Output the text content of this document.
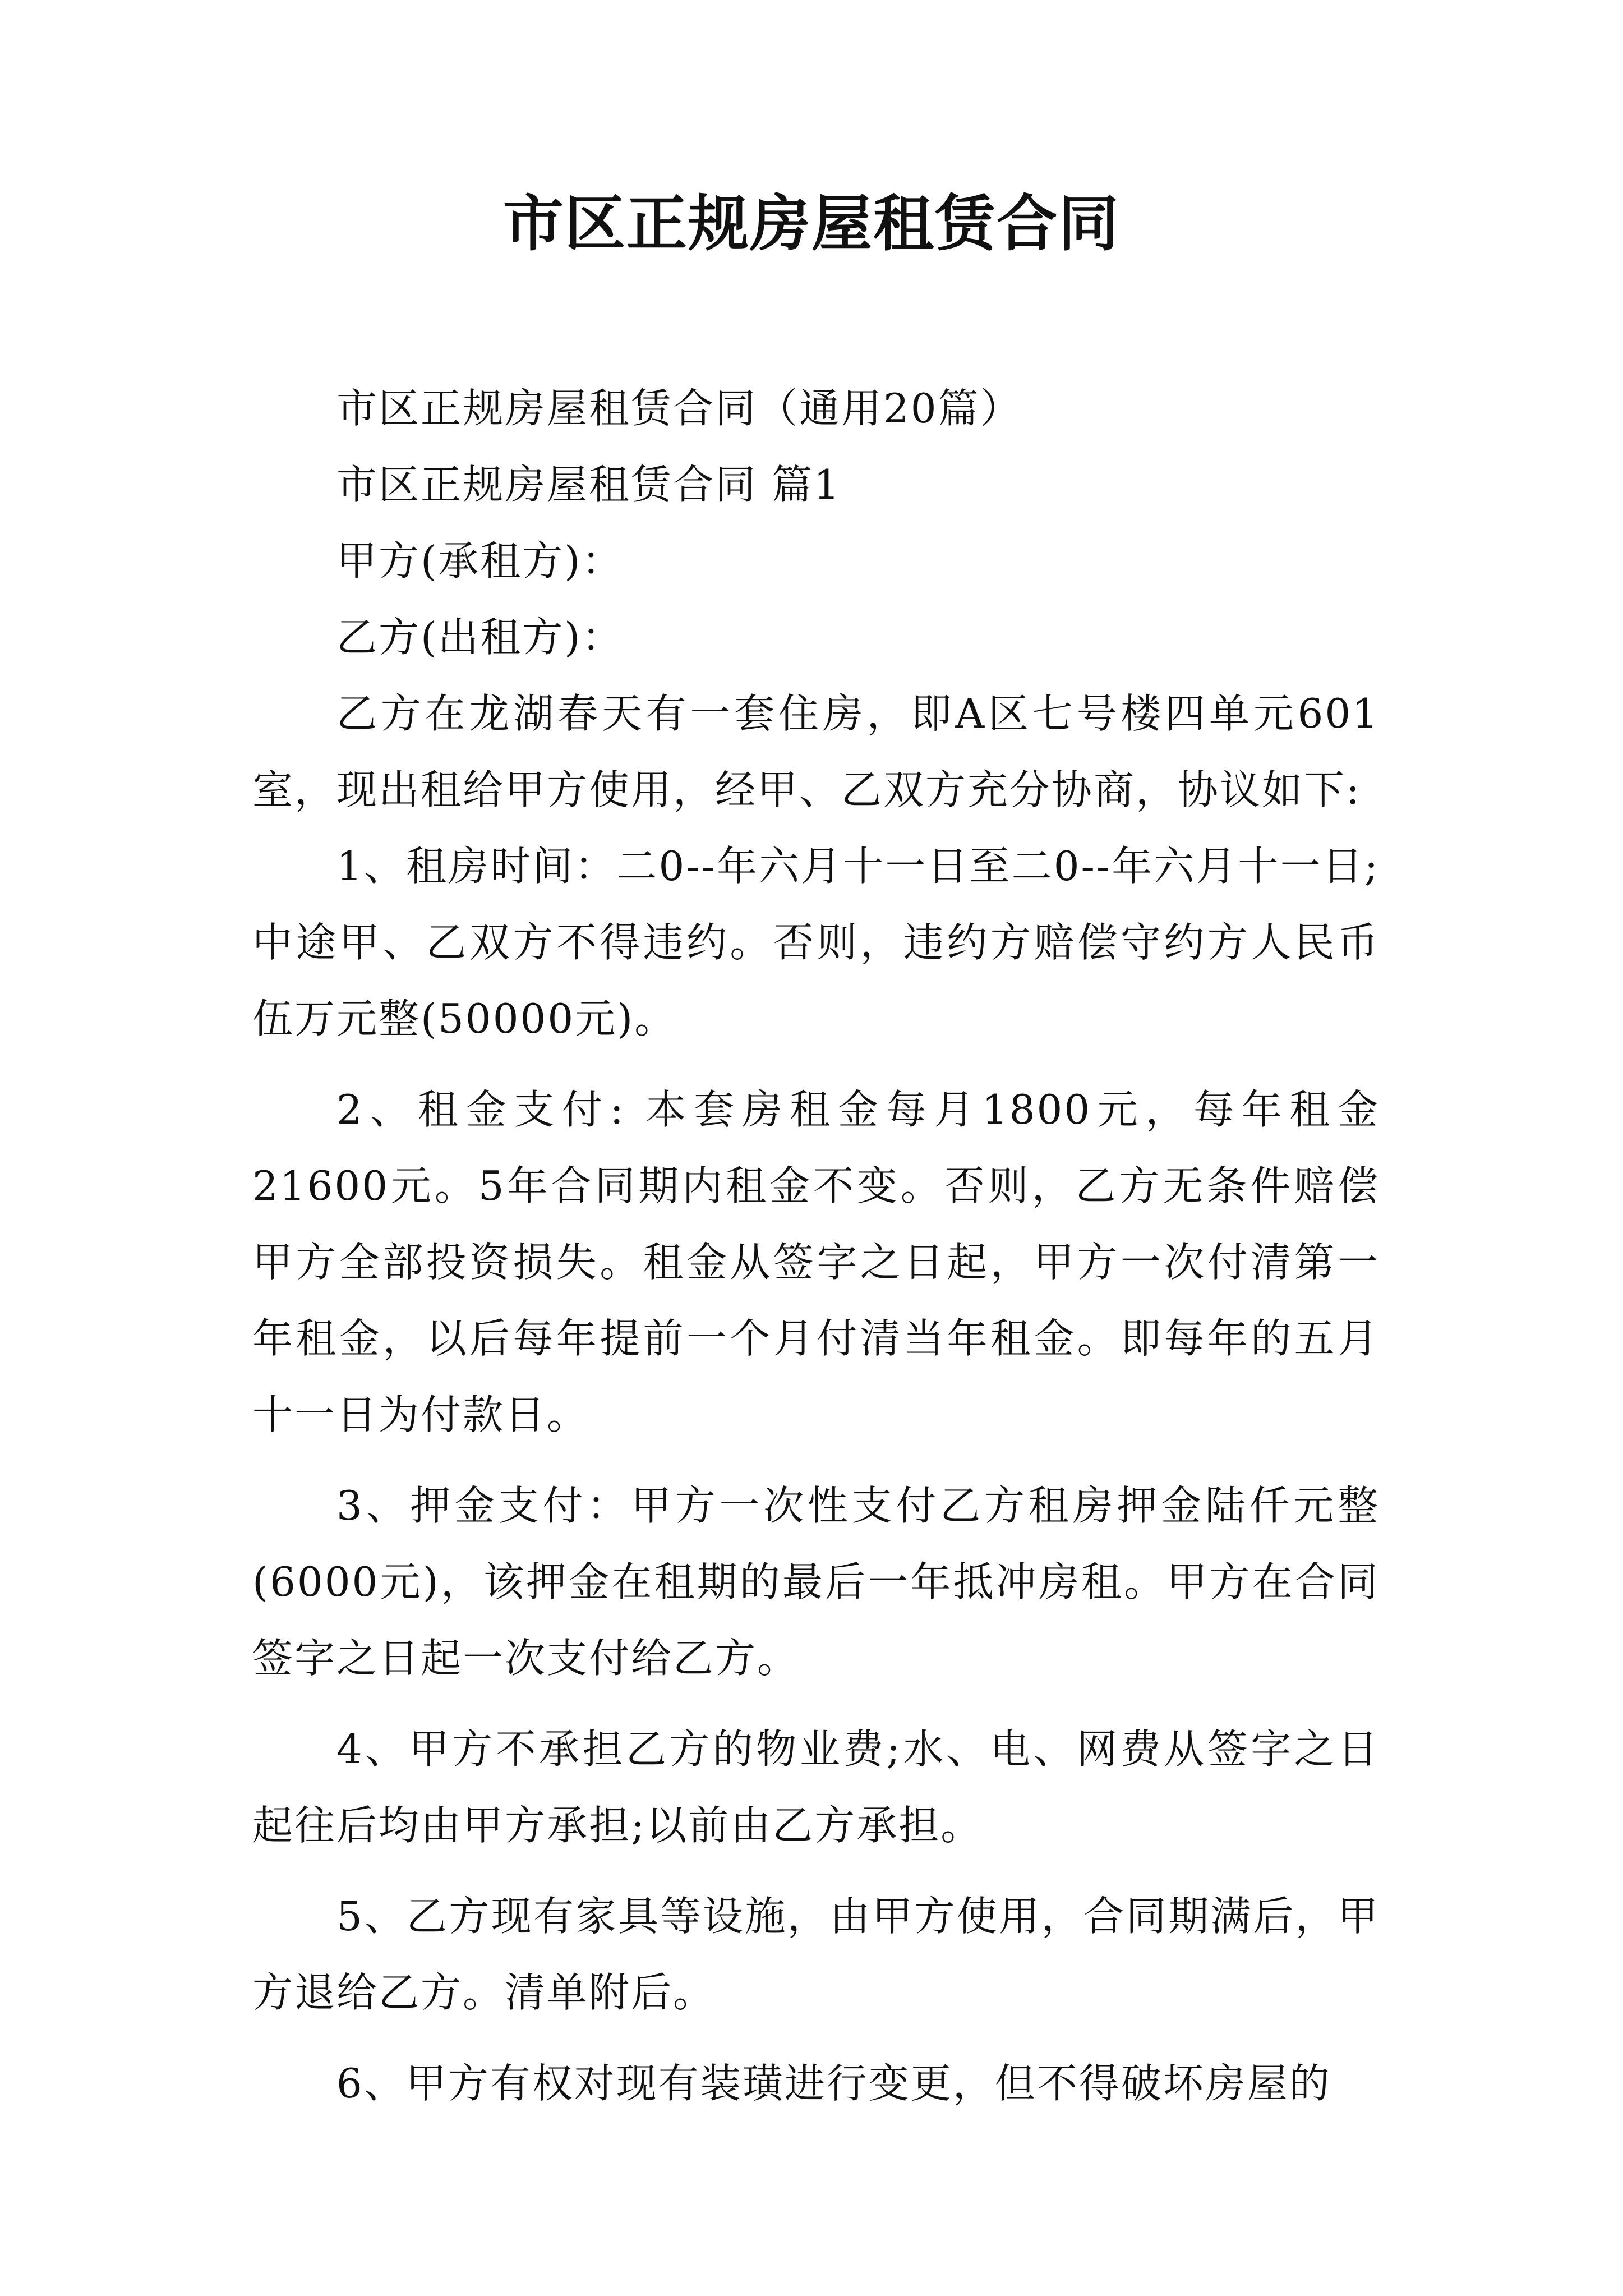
市区正规房屋租赁合同

市区正规房屋租赁合同（通用20篇）

市区正规房屋租赁合同 篇1

甲方(承租方)：

乙方(出租方)：

乙方在龙湖春天有一套住房，即A区七号楼四单元601室，现出租给甲方使用，经甲、乙双方充分协商，协议如下:

1、租房时间：二0--年六月十一日至二0--年六月十一日;中途甲、乙双方不得违约。否则，违约方赔偿守约方人民币伍万元整(50000元)。

2、租金支付: 本套房租金每月1800元，每年租金21600元。5年合同期内租金不变。否则，乙方无条件赔偿甲方全部投资损失。租金从签字之日起，甲方一次付清第一年租金，以后每年提前一个月付清当年租金。即每年的五月十一日为付款日。

3、押金支付：甲方一次性支付乙方租房押金陆仟元整(6000元)，该押金在租期的最后一年抵冲房租。甲方在合同签字之日起一次支付给乙方。

4、甲方不承担乙方的物业费;水、电、网费从签字之日起往后均由甲方承担;以前由乙方承担。

5、乙方现有家具等设施，由甲方使用，合同期满后，甲方退给乙方。清单附后。

6、甲方有权对现有装璜进行变更，但不得破坏房屋的
